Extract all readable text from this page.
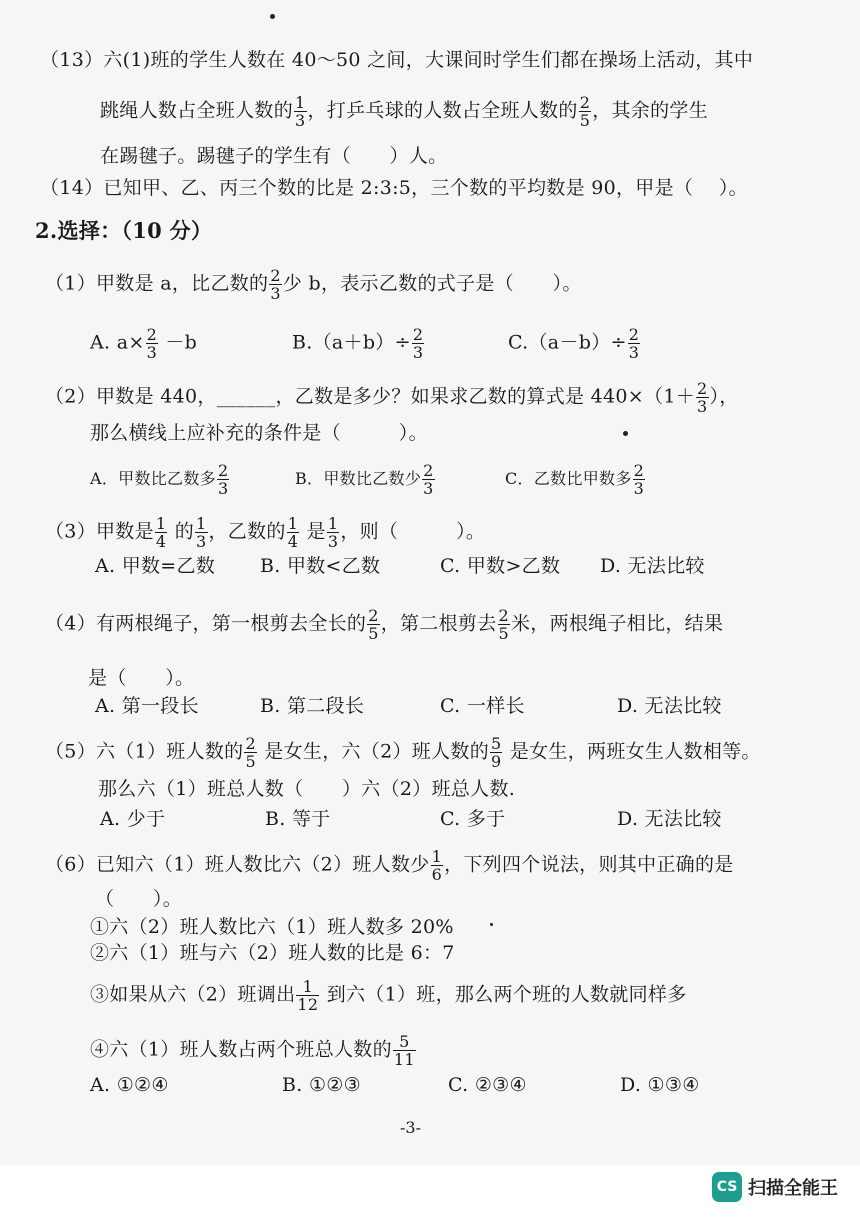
（13）六(1)班的学生人数在 40～50 之间，大课间时学生们都在操场上活动，其中
跳绳人数占全班人数的 $\frac{1}{3}$ ，打乒乓球的人数占全班人数的 $\frac{2}{5}$ ，其余的学生
在踢毽子。踢毽子的学生有（　　）人。
（14）已知甲、乙、丙三个数的比是 2:3:5，三个数的平均数是 90，甲是（　 ）。
2.选择：（10 分）
（1）甲数是 a，比乙数的 $\frac{2}{3}$ 少 b，表示乙数的式子是（　　）。
A. $a\times \frac{2}{3} -b$	$B.(a+b)\div \frac{2}{3}$	$C.(a-b)\div \frac{2}{3}$
（2）甲数是 440，______，乙数是多少？如果求乙数的算式是 $440\times(1+ \frac{2}{3}$ ），
那么横线上应补充的条件是（　　　）。
A．甲数比乙数多 $\frac{2}{3}$	B．甲数比乙数少 $\frac{2}{3}$	C．乙数比甲数多 $\frac{2}{3}$
（3）甲数是 $\frac{1}{4}$ 的 $\frac{1}{3}$ ，乙数的 $\frac{1}{4}$ 是 $\frac{1}{3}$ ，则（　　　）。
A. 甲数=乙数 B. 甲数<乙数	C. 甲数>乙数 D. 无法比较
（4）有两根绳子，第一根剪去全长的 $\frac{2}{5}$ ，第二根剪去 $\frac{2}{5}$ 米，两根绳子相比，结果
是（　　）。
A. 第一段长	B. 第二段长	C. 一样长	D. 无法比较
（5）六（1）班人数的 $\frac{2}{5}$ 是女生，六（2）班人数的 $\frac{5}{9}$ 是女生，两班女生人数相等。
那么六（1）班总人数（　　）六（2）班总人数.
A. 少于	B. 等于	C. 多于	D. 无法比较
（6）已知六（1）班人数比六（2）班人数少 $\frac{1}{6}$ ，下列四个说法，则其中正确的是
（　　）。
①六（2）班人数比六（1）班人数多 20%
②六（1）班与六（2）班人数的比是 6：7
③如果从六（2）班调出 $\frac{1}{12}$ 到六（1）班，那么两个班的人数就同样多
④六（1）班人数占两个班总人数的 $\frac{5}{11}$
A. ①②④	B. ①②③	C. ②③④	D. ①③④
-3-
CS 扫描全能王
